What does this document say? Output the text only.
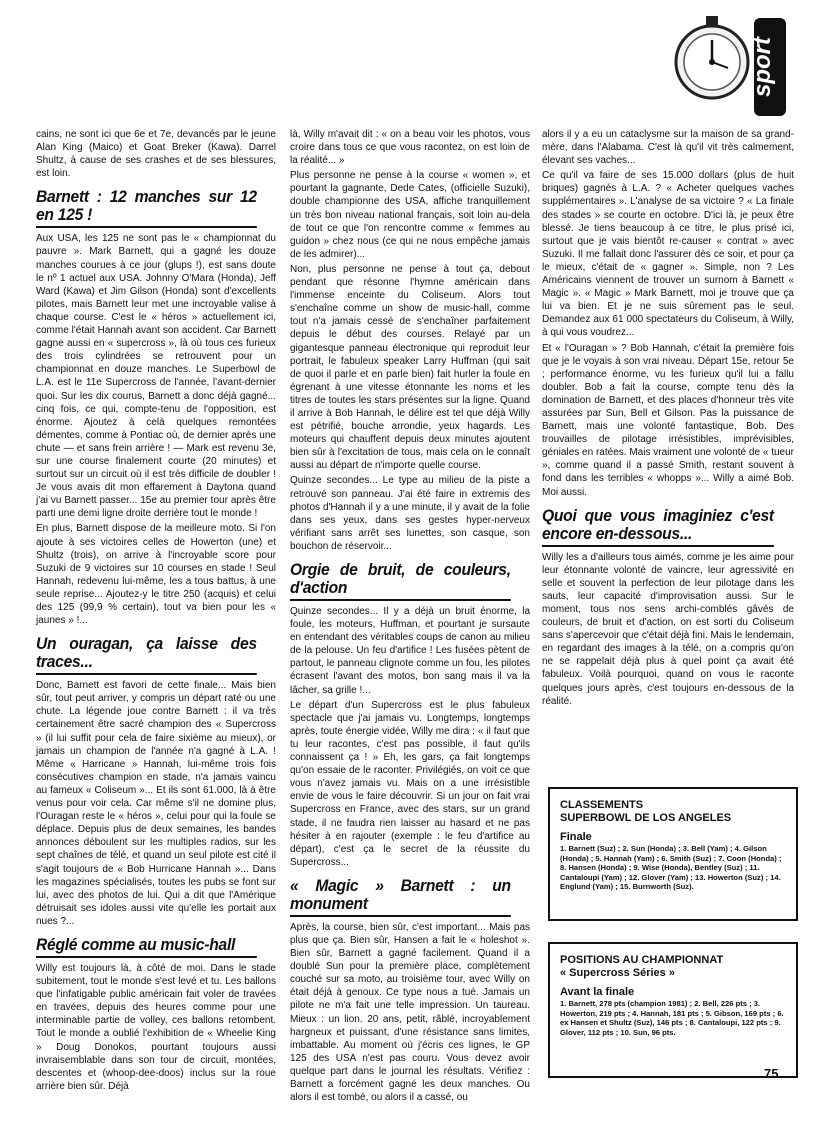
sport

cains, ne sont ici que 6e et 7e, devancés par le jeune Alan King (Maico) et Goat Breker (Kawa). Darrel Shultz, à cause de ses crashes et de ses blessures, est loin.

Barnett : 12 manches sur 12 en 125 !

Aux USA, les 125 ne sont pas le « championnat du pauvre ». Mark Barnett, qui a gagné les douze manches courues à ce jour (glups !), est sans doute le nº 1 actuel aux USA. Johnny O'Mara (Honda), Jeff Ward (Kawa) et Jim Gilson (Honda) sont d'excellents pilotes, mais Barnett leur met une incroyable valise à chaque course. C'est le « héros » actuellement ici, comme l'était Hannah avant son accident. Car Barnett gagne aussi en « supercross », là où tous ces furieux des trois cylindrées se retrouvent pour un championnat en douze manches. Le Superbowl de L.A. est le 11e Supercross de l'année, l'avant-dernier quoi. Sur les dix courus, Barnett a donc déjà gagné... cinq fois, ce qui, compte-tenu de l'opposition, est énorme. Ajoutez à celà quelques remontées démentes, comme à Pontiac où, de dernier après une chute — et sans frein arrière ! — Mark est revenu 3e, sur une course finalement courte (20 minutes) et surtout sur un circuit où il est très difficile de doubler ! Je vous avais dit mon effarement à Daytona quand j'ai vu Barnett passer... 15e au premier tour après être parti une demi ligne droite derrière tout le monde !

En plus, Barnett dispose de la meilleure moto. Si l'on ajoute à ses victoires celles de Howerton (une) et Shultz (trois), on arrive à l'incroyable score pour Suzuki de 9 victoires sur 10 courses en stade ! Seul Hannah, redevenu lui-même, les a tous battus, à une seule reprise... Ajoutez-y le titre 250 (acquis) et celui des 125 (99,9 % certain), tout va bien pour les « jaunes » !...

Un ouragan, ça laisse des traces...

Donc, Barnett est favori de cette finale... Mais bien sûr, tout peut arriver, y compris un départ raté ou une chute. La légende joue contre Barnett : il va très certainement être sacré champion des « Supercross » (il lui suffit pour cela de faire sixième au mieux), or jamais un champion de l'année n'a gagné à L.A. ! Même « Harricane » Hannah, lui-même trois fois consécutives champion en stade, n'a jamais vaincu au fameux « Coliseum »... Et ils sont 61.000, là à être venus pour voir cela. Car même s'il ne domine plus, l'Ouragan reste le « héros », celui pour qui la foule se déplace. Depuis plus de deux semaines, les bandes annonces déboulent sur les multiples radios, sur les sept chaînes de télé, et quand un seul pilote est cité il s'agit toujours de « Bob Hurricane Hannah »... Dans les magazines spécialisés, toutes les pubs se font sur lui, avec des photos de lui. Qui a dit que l'Amérique détruisait ses idoles aussi vite qu'elle les portait aux nues ?...

Réglé comme au music-hall

Willy est toujours là, à côté de moi. Dans le stade subitement, tout le monde s'est levé et tu. Les ballons que l'infatigable public américain fait voler de travées en travées, depuis des heures comme pour une interminable partie de volley, ces ballons retombent. Tout le monde a oublié l'exhibition de « Wheelie King » Doug Donokos, pourtant toujours aussi invraisemblable dans son tour de circuit, montées, descentes et (whoop-dee-doos) inclus sur la roue arrière bien sûr. Déjà

là, Willy m'avait dit : « on a beau voir les photos, vous croire dans tous ce que vous racontez, on est loin de la réalité... »

Plus personne ne pense à la course « women », et pourtant la gagnante, Dede Cates, (officielle Suzuki), double championne des USA, affiche tranquillement un très bon niveau national français, soit loin au-dela de tout ce que l'on rencontre comme « femmes au guidon » chez nous (ce qui ne nous empêche jamais de les admirer)...

Non, plus personne ne pense à tout ça, debout pendant que résonne l'hymne américain dans l'immense enceinte du Coliseum. Alors tout s'enchaîne comme un show de music-hall, comme tout n'a jamais cessé de s'enchaîner parfaitement depuis le début des courses. Relayé par un gigantesque panneau électronique qui reproduit leur portrait, le fabuleux speaker Larry Huffman (qui sait de quoi il parle et en parle bien) fait hurler la foule en égrenant à une vitesse étonnante les noms et les titres de toutes les stars présentes sur la ligne. Quand il arrive à Bob Hannah, le délire est tel que déjà Willy est pétrifié, bouche arrondie, yeux hagards. Les moteurs qui chauffent depuis deux minutes ajoutent bien sûr à l'excitation de tous, mais cela on le connaît aussi au départ de n'importe quelle course.

Quinze secondes... Le type au milieu de la piste a retrouvé son panneau. J'ai été faire in extremis des photos d'Hannah il y a une minute, il y avait de la folie dans ses yeux, dans ses gestes hyper-nerveux vérifiant sans arrêt ses lunettes, son casque, son bouchon de réservoir...

Orgie de bruit, de couleurs, d'action

Quinze secondes... Il y a déjà un bruit énorme, la foule, les moteurs, Huffman, et pourtant je sursaute en entendant des véritables coups de canon au milieu de la pelouse. Un feu d'artifice ! Les fusées pètent de partout, le panneau clignote comme un fou, les pilotes écrasent l'avant des motos, bon sang mais il va la lâcher, sa grille !...

Le départ d'un Supercross est le plus fabuleux spectacle que j'ai jamais vu. Longtemps, longtemps après, toute énergie vidée, Willy me dira : « il faut que tu leur racontes, c'est pas possible, il faut qu'ils connaissent ça ! » Eh, les gars, ça fait longtemps qu'on essaie de le raconter. Privilégiés, on voit ce que vous n'avez jamais vu. Mais on a une irrésistible envie de vous le faire découvrir. Si un jour on fait vrai Supercross en France, avec des stars, sur un grand stade, il ne faudra rien laisser au hasard et ne pas hésiter à en rajouter (exemple : le feu d'artifice au départ), c'est ça le secret de la réussite du Supercross...

« Magic » Barnett : un monument

Après, la course, bien sûr, c'est important... Mais pas plus que ça. Bien sûr, Hansen a fait le « holeshot ». Bien sûr, Barnett a gagné facilement. Quand il a doublé Sun pour la première place, complètement couché sur sa moto, au troisième tour, avec Willy on était déjà à genoux. Ce type nous a tué. Jamais un pilote ne m'a fait une telle impression. Un taureau. Mieux : un lion. 20 ans, petit, râblé, incroyablement hargneux et puissant, d'une résistance sans limites, imbattable. Au moment où j'écris ces lignes, le GP 125 des USA n'est pas couru. Vous devez avoir quelque part dans le journal les résultats. Vérifiez : Barnett a forcément gagné les deux manches. Ou alors il est tombé, ou alors il a cassé, ou

alors il y a eu un cataclysme sur la maison de sa grand-mère, dans l'Alabama. C'est là qu'il vit très calmement, élevant ses vaches...

Ce qu'il va faire de ses 15.000 dollars (plus de huit briques) gagnés à L.A. ? « Acheter quelques vaches supplémentaires ». L'analyse de sa victoire ? « La finale des stades » se courte en octobre. D'ici là, je peux être blessé. Je tiens beaucoup à ce titre, le plus prisé ici, surtout que je vais bientôt re-causer « contrat » avec Suzuki. Il me fallait donc l'assurer dès ce soir, et pour ça le mieux, c'était de « gagner ». Simple, non ? Les Américains viennent de trouver un surnom à Barnett « Magic ». « Magic » Mark Barnett, moi je trouve que ça lui va bien. Et je ne suis sûrement pas le seul. Demandez aux 61 000 spectateurs du Coliseum, à Willy, à qui vous voudrez...

Et « l'Ouragan » ? Bob Hannah, c'était la première fois que je le voyais à son vrai niveau. Départ 15e, retour 5e ; performance énorme, vu les furieux qu'il lui a fallu doubler. Bob a fait la course, compte tenu dès la domination de Barnett, et des places d'honneur très vite assurées par Sun, Bell et Gilson. Pas la puissance de Barnett, mais une volonté fantastique, Bob. Des trouvailles de pilotage irrésistibles, imprévisibles, géniales en ratées. Mais vraiment une volonté de « tueur », comme quand il a passé Smith, restant souvent à fond dans les terribles « whopps »... Willy a aimé Bob. Moi aussi.

Quoi que vous imaginiez c'est encore en-dessous...

Willy les a d'ailleurs tous aimés, comme je les aime pour leur étonnante volonté de vaincre, leur agressivité en selle et souvent la perfection de leur pilotage dans les sauts, leur capacité d'improvisation aussi. Sur le moment, tous nos sens archi-comblés gâvés de couleurs, de bruit et d'action, on est sorti du Coliseum sans s'apercevoir que c'était déjà fini. Mais le lendemain, en regardant des images à la télé, on a compris qu'on ne se rappelait déjà plus à quel point ça avait été fabuleux. Voilà pourquoi, quand on vous le raconte quelques jours après, c'est toujours en-dessous de la réalité.

CLASSEMENTS
SUPERBOWL DE LOS ANGELES
Finale
1. Barnett (Suz) ; 2. Sun (Honda) ; 3. Bell (Yam) ; 4. Gilson (Honda) ; 5. Hannah (Yam) ; 6. Smith (Suz) ; 7. Coon (Honda) ; 8. Hansen (Honda) ; 9. Wise (Honda), Bentley (Suz) ; 11. Cantaloupi (Yam) ; 12. Glover (Yam) ; 13. Howerton (Suz) ; 14. Englund (Yam) ; 15. Burnworth (Suz).
POSITIONS AU CHAMPIONNAT
« Supercross Séries »
Avant la finale
1. Barnett, 278 pts (champion 1981) ; 2. Bell, 226 pts ; 3. Howerton, 219 pts ; 4. Hannah, 181 pts ; 5. Gibson, 169 pts ; 6. ex Hansen et Shultz (Suz), 146 pts ; 8. Cantaloupi, 122 pts ; 9. Glover, 112 pts ; 10. Sun, 96 pts.
75
